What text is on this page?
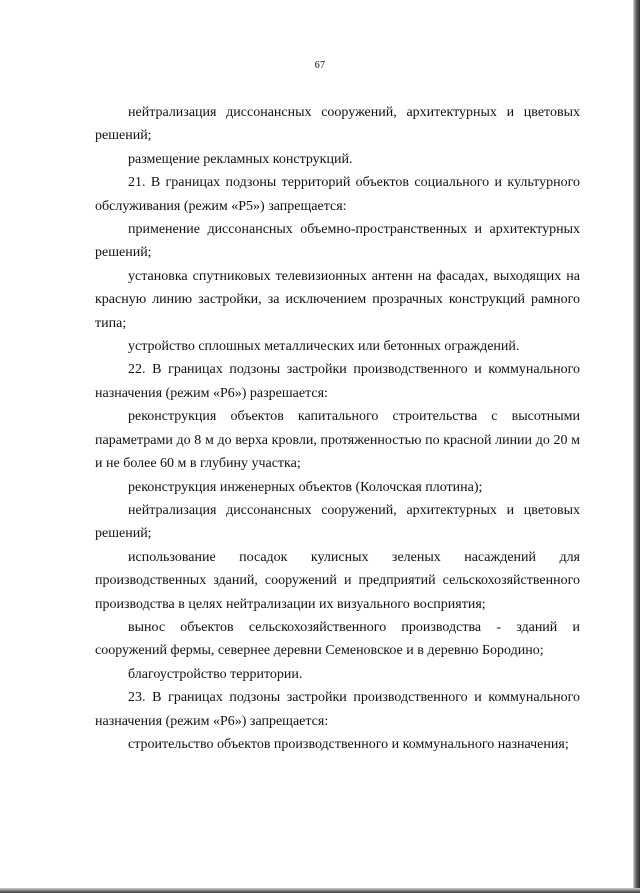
67

нейтрализация диссонансных сооружений, архитектурных и цветовых решений;

размещение рекламных конструкций.

21. В границах подзоны территорий объектов социального и культурного обслуживания (режим «Р5») запрещается:

применение диссонансных объемно-пространственных и архитектурных решений;

установка спутниковых телевизионных антенн на фасадах, выходящих на красную линию застройки, за исключением прозрачных конструкций рамного типа;

устройство сплошных металлических или бетонных ограждений.

22. В границах подзоны застройки производственного и коммунального назначения (режим «Р6») разрешается:

реконструкция объектов капитального строительства с высотными параметрами до 8 м до верха кровли, протяженностью по красной линии до 20 м и не более 60 м в глубину участка;

реконструкция инженерных объектов (Колочская плотина);

нейтрализация диссонансных сооружений, архитектурных и цветовых решений;

использование посадок кулисных зеленых насаждений для производственных зданий, сооружений и предприятий сельскохозяйственного производства в целях нейтрализации их визуального восприятия;

вынос объектов сельскохозяйственного производства - зданий и сооружений фермы, севернее деревни Семеновское и в деревню Бородино;

благоустройство территории.

23. В границах подзоны застройки производственного и коммунального назначения (режим «Р6») запрещается:

строительство объектов производственного и коммунального назначения;
